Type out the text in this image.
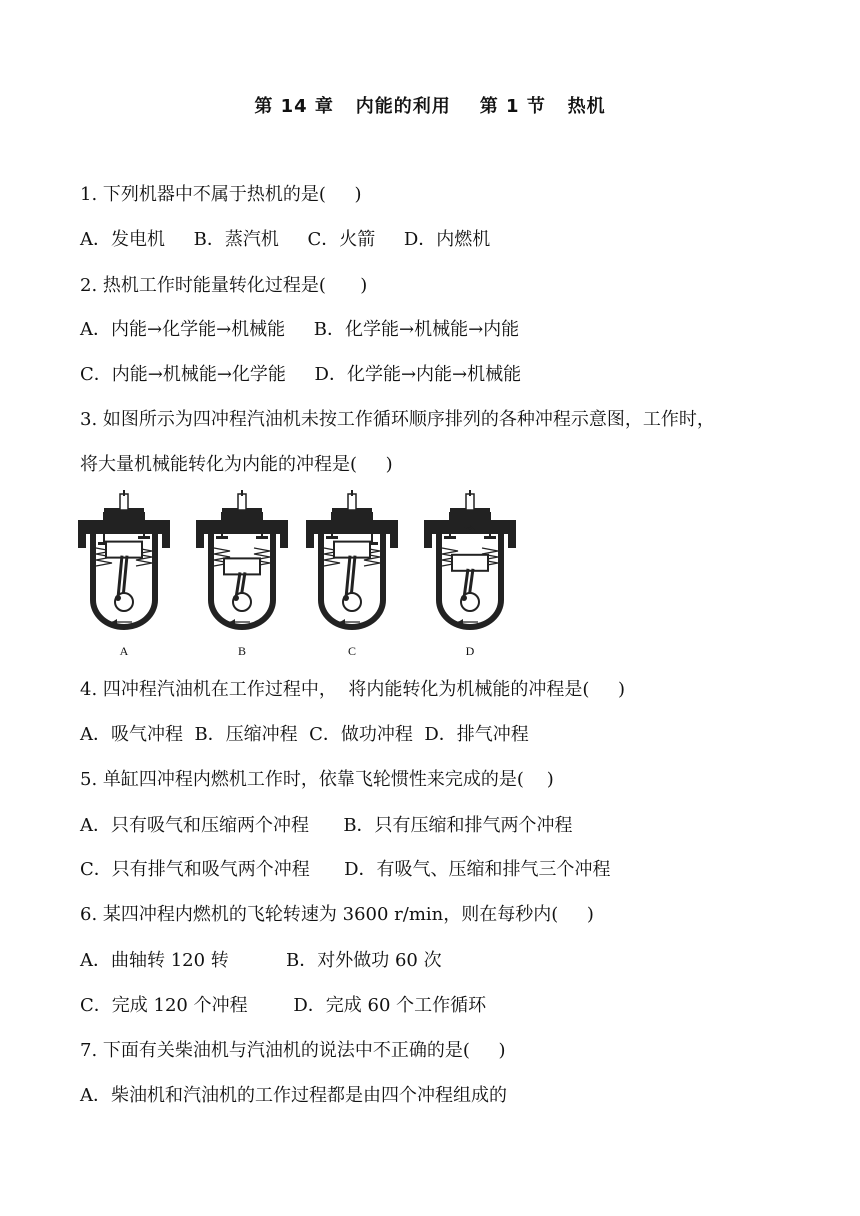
第 14 章   内能的利用    第 1 节   热机
1. 下列机器中不属于热机的是(     )
A．发电机     B．蒸汽机     C．火箭     D．内燃机
2. 热机工作时能量转化过程是(      )
A．内能→化学能→机械能     B．化学能→机械能→内能
C．内能→机械能→化学能     D．化学能→内能→机械能
3. 如图所示为四冲程汽油机未按工作循环顺序排列的各种冲程示意图，工作时，
将大量机械能转化为内能的冲程是(     )
4. 四冲程汽油机在工作过程中，  将内能转化为机械能的冲程是(     )
A．吸气冲程  B．压缩冲程  C．做功冲程  D．排气冲程
5. 单缸四冲程内燃机工作时，依靠飞轮惯性来完成的是(    )
A．只有吸气和压缩两个冲程      B．只有压缩和排气两个冲程
C．只有排气和吸气两个冲程      D．有吸气、压缩和排气三个冲程
6. 某四冲程内燃机的飞轮转速为 3600 r/min，则在每秒内(     )
A．曲轴转 120 转          B．对外做功 60 次
C．完成 120 个冲程        D．完成 60 个工作循环
7. 下面有关柴油机与汽油机的说法中不正确的是(     )
A．柴油机和汽油机的工作过程都是由四个冲程组成的
A	B	C	D
